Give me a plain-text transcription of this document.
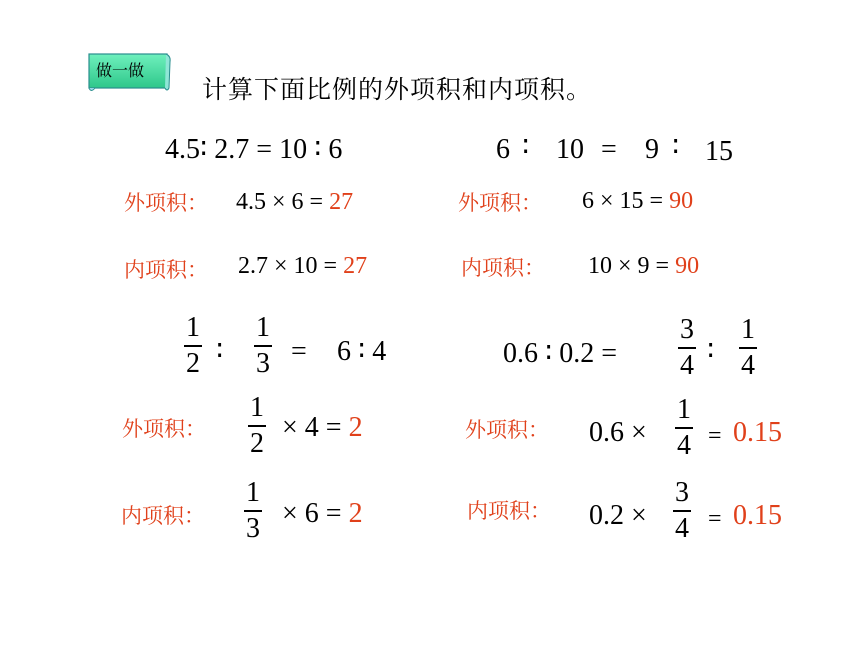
做一做
计算下面比例的外项积和内项积。
4.5∶ 2.7 = 10 ∶ 6
外项积： 4.5 × 6 = 27
内项积： 2.7 × 10 = 27
6 ∶ 10 = 9 ∶ 15
外项积： 6 × 15 = 90
内项积： 10 × 9 = 90
$\frac{1}{2}$ ∶ $\frac{1}{3} = 6$ ∶ 4
外项积： $\frac{1}{2} \times 4 = 2$
内项积： $\frac{1}{3} \times 6 = 2$
0.6 ∶ $0.2 = \frac{3}{4}$ ∶ $\frac{1}{4}$
外项积： $0.6 \times \frac{1}{4} = 0.15$
内项积： $0.2 \times \frac{3}{4} = 0.15$
